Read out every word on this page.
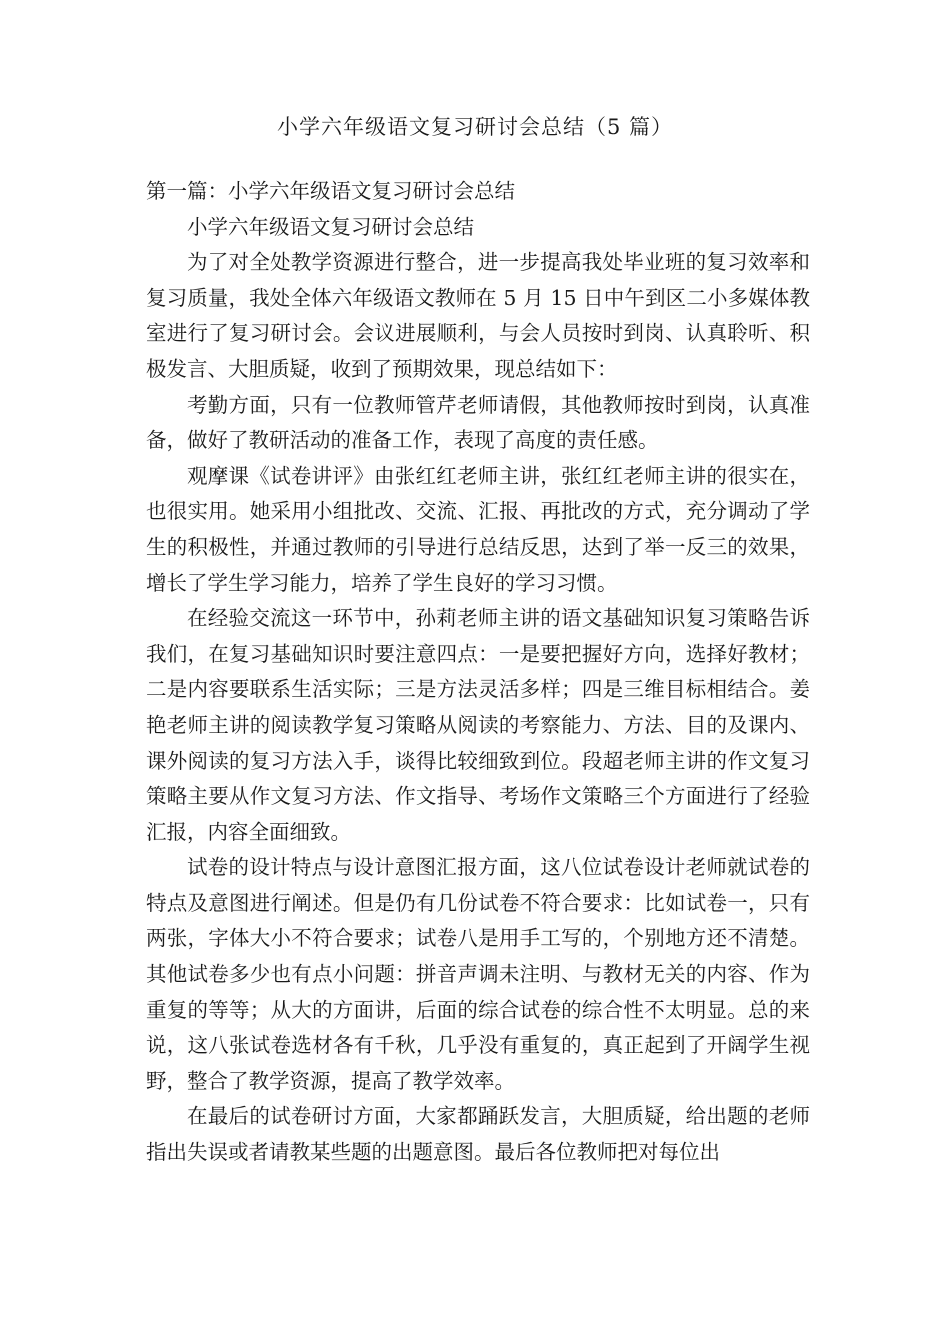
小学六年级语文复习研讨会总结（5 篇）

第一篇：小学六年级语文复习研讨会总结

小学六年级语文复习研讨会总结

为了对全处教学资源进行整合，进一步提高我处毕业班的复习效率和复习质量，我处全体六年级语文教师在 5 月 15 日中午到区二小多媒体教室进行了复习研讨会。会议进展顺利，与会人员按时到岗、认真聆听、积极发言、大胆质疑，收到了预期效果，现总结如下：

考勤方面，只有一位教师管芹老师请假，其他教师按时到岗，认真准备，做好了教研活动的准备工作，表现了高度的责任感。

观摩课《试卷讲评》由张红红老师主讲，张红红老师主讲的很实在，也很实用。她采用小组批改、交流、汇报、再批改的方式，充分调动了学生的积极性，并通过教师的引导进行总结反思，达到了举一反三的效果，增长了学生学习能力，培养了学生良好的学习习惯。

在经验交流这一环节中，孙莉老师主讲的语文基础知识复习策略告诉我们，在复习基础知识时要注意四点：一是要把握好方向，选择好教材；二是内容要联系生活实际；三是方法灵活多样；四是三维目标相结合。姜艳老师主讲的阅读教学复习策略从阅读的考察能力、方法、目的及课内、课外阅读的复习方法入手，谈得比较细致到位。段超老师主讲的作文复习策略主要从作文复习方法、作文指导、考场作文策略三个方面进行了经验汇报，内容全面细致。

试卷的设计特点与设计意图汇报方面，这八位试卷设计老师就试卷的特点及意图进行阐述。但是仍有几份试卷不符合要求：比如试卷一，只有两张，字体大小不符合要求；试卷八是用手工写的，个别地方还不清楚。其他试卷多少也有点小问题：拼音声调未注明、与教材无关的内容、作为重复的等等；从大的方面讲，后面的综合试卷的综合性不太明显。总的来说，这八张试卷选材各有千秋，几乎没有重复的，真正起到了开阔学生视野，整合了教学资源，提高了教学效率。

在最后的试卷研讨方面，大家都踊跃发言，大胆质疑，给出题的老师指出失误或者请教某些题的出题意图。最后各位教师把对每位出
